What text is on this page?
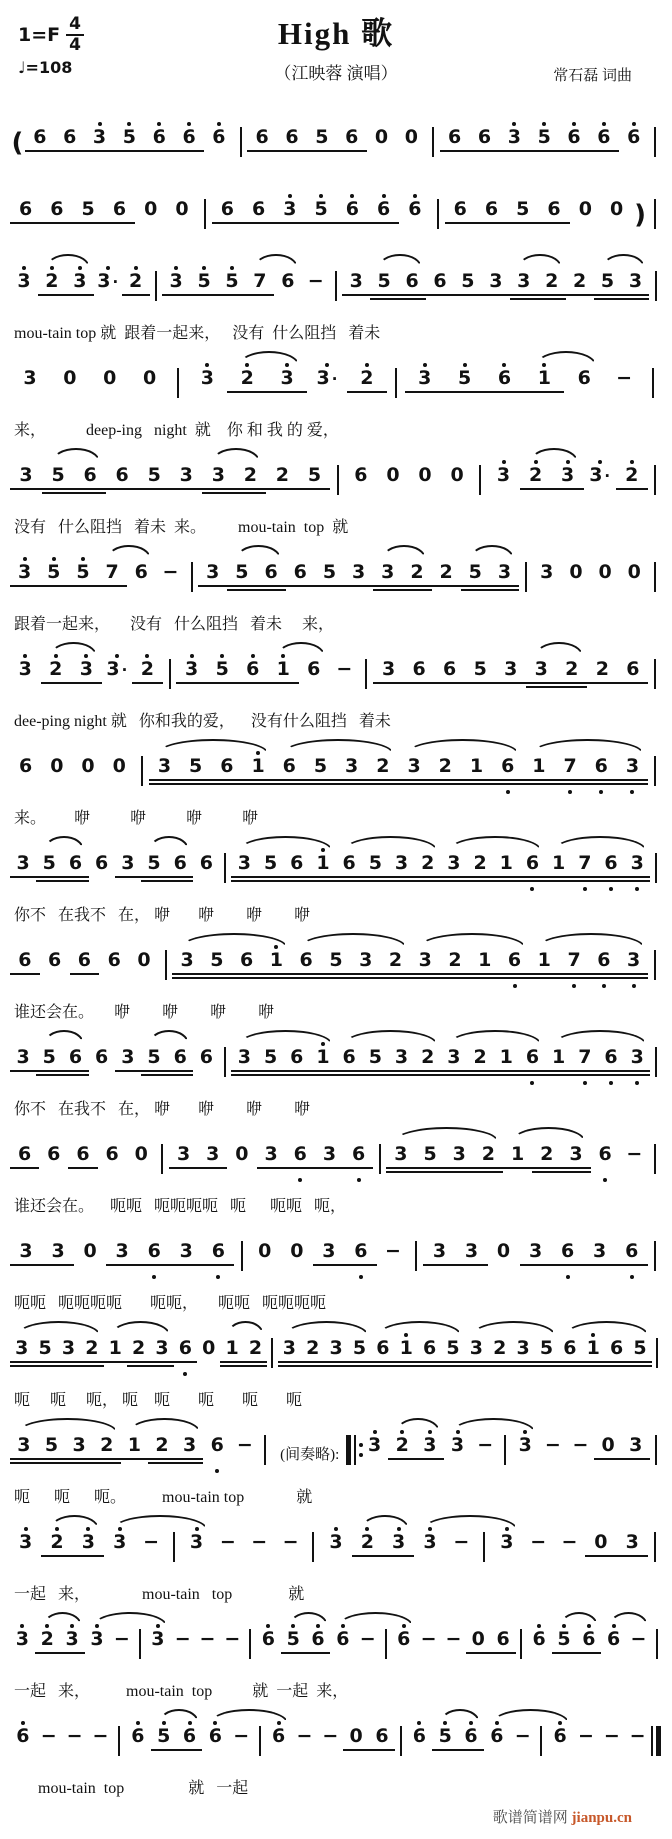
$1=F \frac{4}{4}$
♩=108
High 歌
（江映蓉 演唱）	常石磊 词曲
( 6 6 3 5 6 6 6 6 6 5 6 0 0 6 6 3 5 6 6 6
6 6 5 6 0 0 6 6 3 5 6 6 6 6 6 5 6 0 0 )
3 2 3 3 · 2 3 5 5 7 6 − 3 5 6 6 5 3 3 2 2 5 3
mou-tain top 就  跟着一起来，   没有  什么阻挡   着未
3 0 0 0 3 2 3 3 · 2 3 5 6 1 6 −
来，          deep-ing   night  就    你 和 我 的 爱，
3 5 6 6 5 3 3 2 2 5 6 0 0 0 3 2 3 3 · 2
没有   什么阻挡   着未  来。        mou-tain  top  就
3 5 5 7 6 − 3 5 6 6 5 3 3 2 2 5 3 3 0 0 0
跟着一起来，     没有   什么阻挡   着未     来，
3 2 3 3 · 2 3 5 6 1 6 − 3 6 6 5 3 3 2 2 6
dee-ping night 就   你和我的爱，    没有什么阻挡   着未
6 0 0 0 3 5 6 1 6 5 3 2 3 2 1 6 1 7 6 3
来。       咿          咿          咿          咿
3 5 6 6 3 5 6 6 3 5 6 1 6 5 3 2 3 2 1 6 1 7 6 3
你不   在我不   在， 咿       咿        咿        咿
6 6 6 6 0 3 5 6 1 6 5 3 2 3 2 1 6 1 7 6 3
谁还会在。     咿        咿        咿        咿
3 5 6 6 3 5 6 6 3 5 6 1 6 5 3 2 3 2 1 6 1 7 6 3
你不   在我不   在， 咿       咿        咿        咿
6 6 6 6 0 3 3 0 3 6 3 6 3 5 3 2 1 2 3 6 −
谁还会在。    呃呃   呃呃呃呃   呃      呃呃   呃，
3 3 0 3 6 3 6 0 0 3 6 − 3 3 0 3 6 3 6
呃呃   呃呃呃呃       呃呃，     呃呃   呃呃呃呃
3 5 3 2 1 2 3 6 0 1 2 3 2 3 5 6 1 6 5 3 2 3 5 6 1 6 5
呃     呃     呃， 呃    呃       呃       呃       呃
3 5 3 2 1 2 3 6 −	(间奏略):	3 2 3 3 − 3 − − 0 3
呃      呃      呃。         mou-tain top             就
3 2 3 3 − 3 − − − 3 2 3 3 − 3 − − 0 3
一起   来，             mou-tain   top              就
3 2 3 3 − 3 − − − 6 5 6 6 − 6 − − 0 6 6 5 6 6 −
一起   来，         mou-tain  top          就  一起  来，
6 − − − 6 5 6 6 − 6 − − 0 6 6 5 6 6 − 6 − − −
mou-tain  top                就   一起
歌谱简谱网 jianpu.cn
